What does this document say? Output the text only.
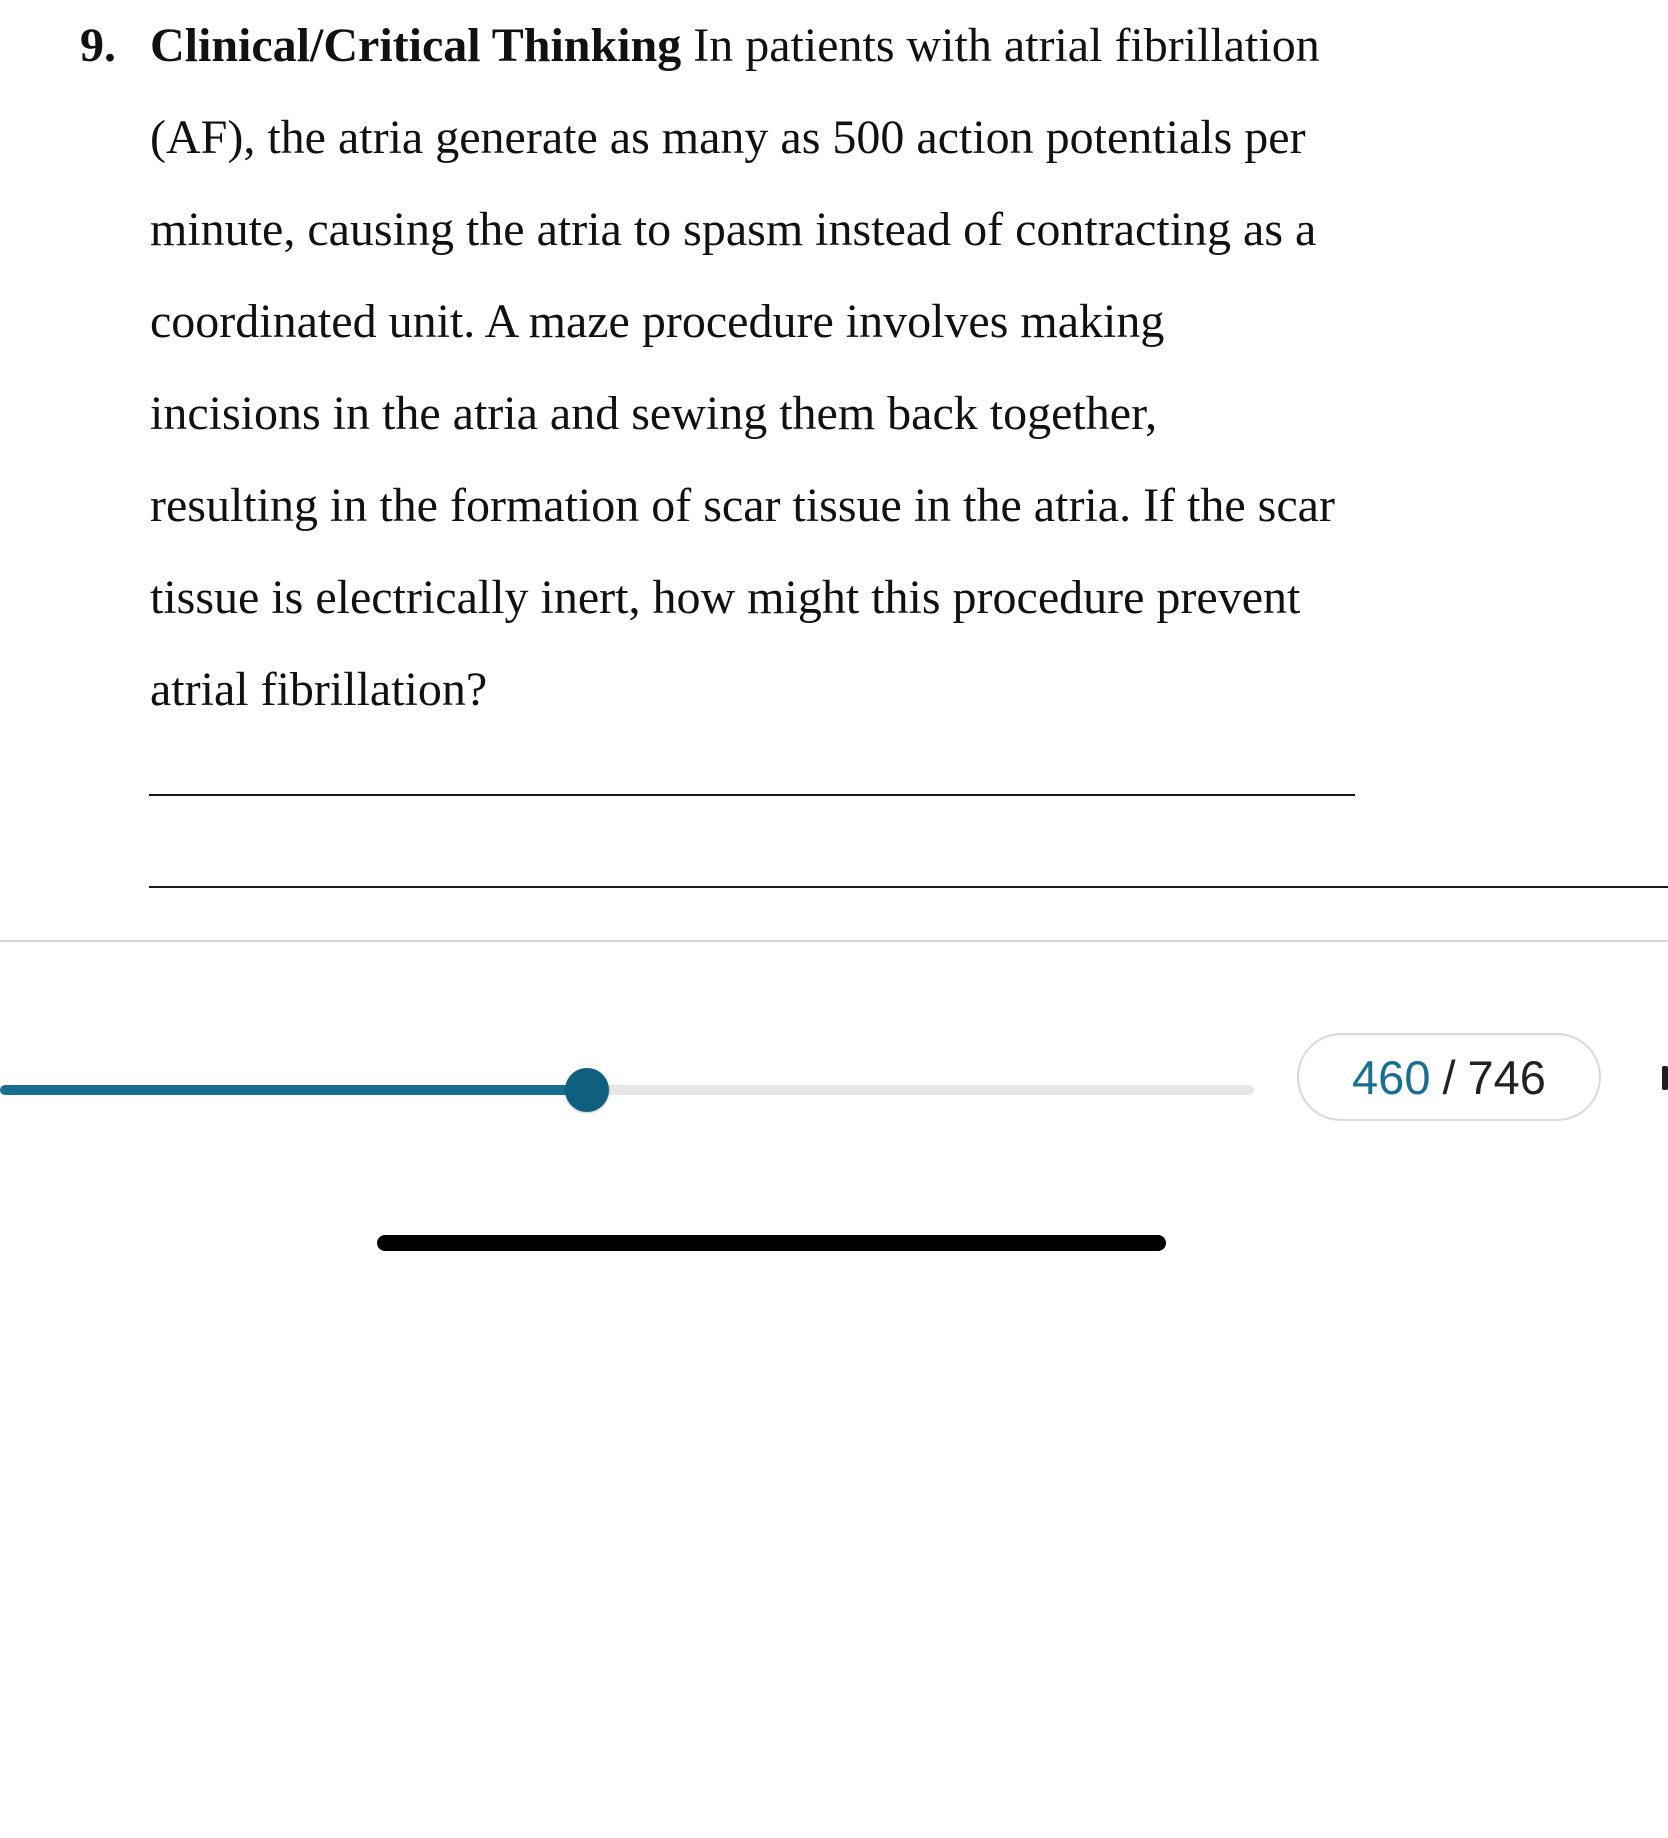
9. Clinical/Critical Thinking In patients with atrial fibrillation
(AF), the atria generate as many as 500 action potentials per
minute, causing the atria to spasm instead of contracting as a
coordinated unit. A maze procedure involves making
incisions in the atria and sewing them back together,
resulting in the formation of scar tissue in the atria. If the scar
tissue is electrically inert, how might this procedure prevent
atrial fibrillation?
460 / 746
